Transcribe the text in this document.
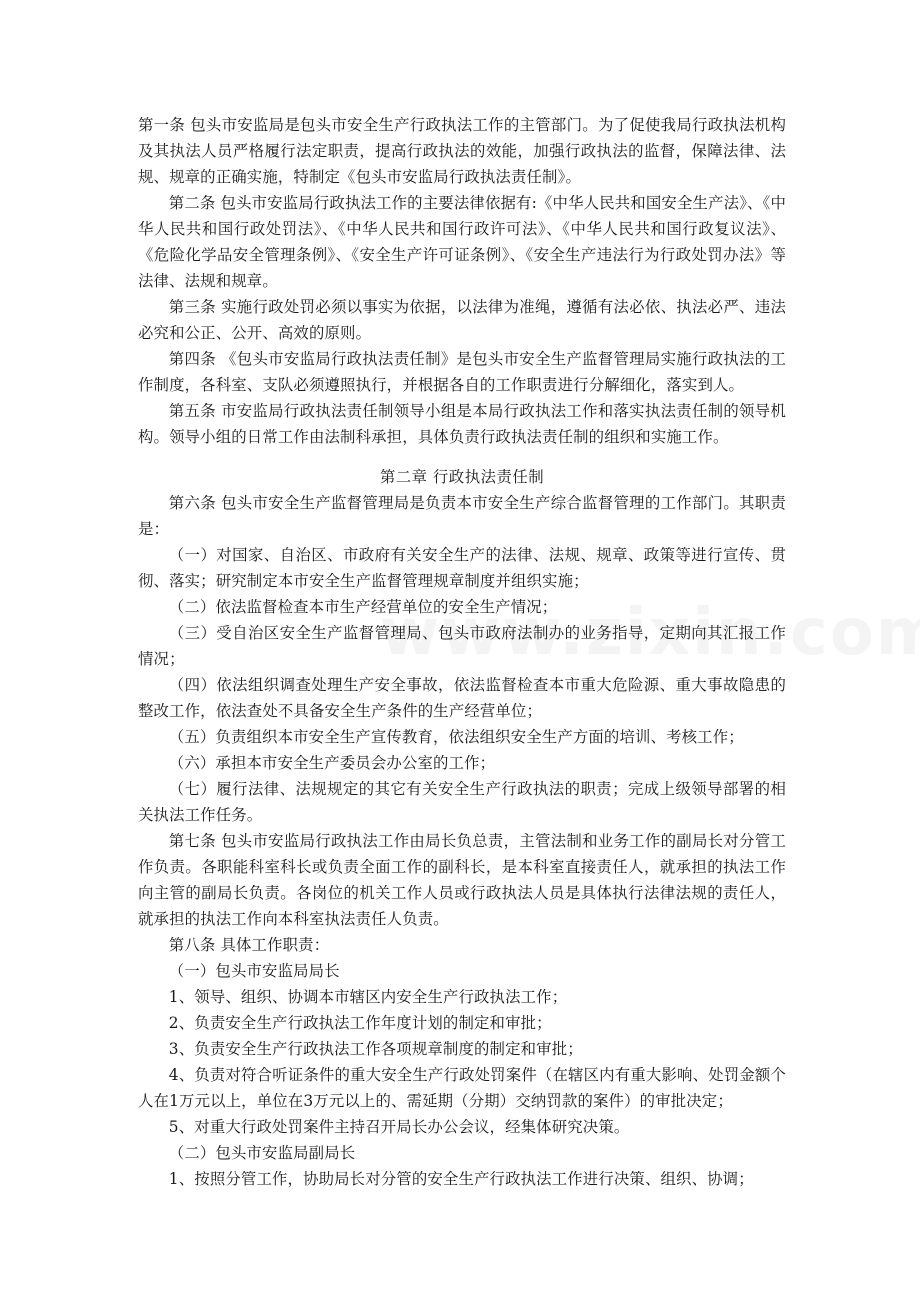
第一条 包头市安监局是包头市安全生产行政执法工作的主管部门。为了促使我局行政执法机构及其执法人员严格履行法定职责，提高行政执法的效能，加强行政执法的监督，保障法律、法规、规章的正确实施，特制定《包头市安监局行政执法责任制》。

第二条 包头市安监局行政执法工作的主要法律依据有:《中华人民共和国安全生产法》、《中华人民共和国行政处罚法》、《中华人民共和国行政许可法》、《中华人民共和国行政复议法》、《危险化学品安全管理条例》、《安全生产许可证条例》、《安全生产违法行为行政处罚办法》等法律、法规和规章。

第三条 实施行政处罚必须以事实为依据，以法律为准绳，遵循有法必依、执法必严、违法必究和公正、公开、高效的原则。

第四条 《包头市安监局行政执法责任制》是包头市安全生产监督管理局实施行政执法的工作制度，各科室、支队必须遵照执行，并根据各自的工作职责进行分解细化，落实到人。

第五条 市安监局行政执法责任制领导小组是本局行政执法工作和落实执法责任制的领导机构。领导小组的日常工作由法制科承担，具体负责行政执法责任制的组织和实施工作。

第二章 行政执法责任制

第六条 包头市安全生产监督管理局是负责本市安全生产综合监督管理的工作部门。其职责是：

（一）对国家、自治区、市政府有关安全生产的法律、法规、规章、政策等进行宣传、贯彻、落实；研究制定本市安全生产监督管理规章制度并组织实施；

（二）依法监督检查本市生产经营单位的安全生产情况；

（三）受自治区安全生产监督管理局、包头市政府法制办的业务指导，定期向其汇报工作情况；

（四）依法组织调查处理生产安全事故，依法监督检查本市重大危险源、重大事故隐患的整改工作，依法查处不具备安全生产条件的生产经营单位；

（五）负责组织本市安全生产宣传教育，依法组织安全生产方面的培训、考核工作；

（六）承担本市安全生产委员会办公室的工作；

（七）履行法律、法规规定的其它有关安全生产行政执法的职责；完成上级领导部署的相关执法工作任务。

第七条 包头市安监局行政执法工作由局长负总责，主管法制和业务工作的副局长对分管工作负责。各职能科室科长或负责全面工作的副科长，是本科室直接责任人，就承担的执法工作向主管的副局长负责。各岗位的机关工作人员或行政执法人员是具体执行法律法规的责任人，就承担的执法工作向本科室执法责任人负责。

第八条 具体工作职责：

（一）包头市安监局局长

1、领导、组织、协调本市辖区内安全生产行政执法工作；

2、负责安全生产行政执法工作年度计划的制定和审批；

3、负责安全生产行政执法工作各项规章制度的制定和审批；

4、负责对符合听证条件的重大安全生产行政处罚案件（在辖区内有重大影响、处罚金额个人在1万元以上，单位在3万元以上的、需延期（分期）交纳罚款的案件）的审批决定；

5、对重大行政处罚案件主持召开局长办公会议，经集体研究决策。

（二）包头市安监局副局长

1、按照分管工作，协助局长对分管的安全生产行政执法工作进行决策、组织、协调；
